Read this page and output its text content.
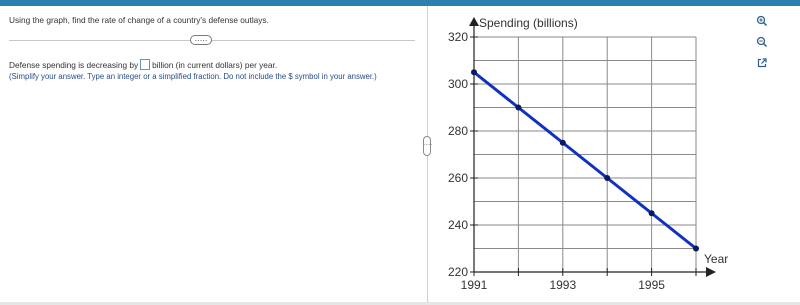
Using the graph, find the rate of change of a country's defense outlays.
.....
Defense spending is decreasing by billion (in current dollars) per year.
(Simplify your answer. Type an integer or a simplified fraction. Do not include the $ symbol in your answer.)
.....
220
240
260
280
300
320
1991	1993	1995
Spending (billions)
Year
